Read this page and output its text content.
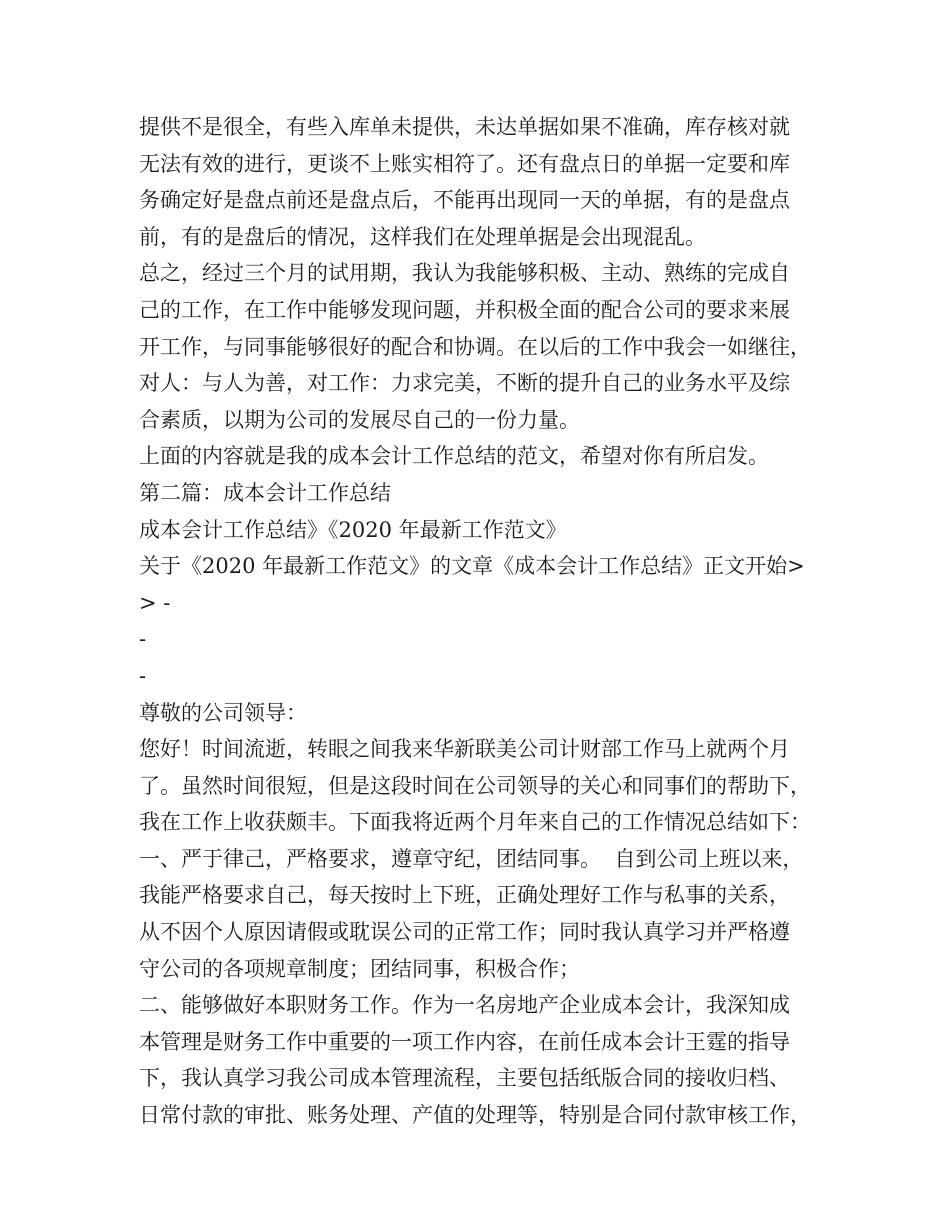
提供不是很全，有些入库单未提供，未达单据如果不准确，库存核对就
无法有效的进行，更谈不上账实相符了。还有盘点日的单据一定要和库
务确定好是盘点前还是盘点后，不能再出现同一天的单据，有的是盘点
前，有的是盘后的情况，这样我们在处理单据是会出现混乱。
总之，经过三个月的试用期，我认为我能够积极、主动、熟练的完成自
己的工作，在工作中能够发现问题，并积极全面的配合公司的要求来展
开工作，与同事能够很好的配合和协调。在以后的工作中我会一如继往，
对人：与人为善，对工作：力求完美，不断的提升自己的业务水平及综
合素质，以期为公司的发展尽自己的一份力量。
上面的内容就是我的成本会计工作总结的范文，希望对你有所启发。
第二篇：成本会计工作总结
成本会计工作总结》《2020 年最新工作范文》
关于《2020 年最新工作范文》的文章《成本会计工作总结》正文开始>
> -
-
-
尊敬的公司领导：
您好！时间流逝，转眼之间我来华新联美公司计财部工作马上就两个月
了。虽然时间很短，但是这段时间在公司领导的关心和同事们的帮助下，
我在工作上收获颇丰。下面我将近两个月年来自己的工作情况总结如下：
一、严于律己，严格要求，遵章守纪，团结同事。  自到公司上班以来，
我能严格要求自己，每天按时上下班，正确处理好工作与私事的关系，
从不因个人原因请假或耽误公司的正常工作；同时我认真学习并严格遵
守公司的各项规章制度；团结同事，积极合作；
二、能够做好本职财务工作。作为一名房地产企业成本会计，我深知成
本管理是财务工作中重要的一项工作内容，在前任成本会计王霆的指导
下，我认真学习我公司成本管理流程，主要包括纸版合同的接收归档、
日常付款的审批、账务处理、产值的处理等，特别是合同付款审核工作，
